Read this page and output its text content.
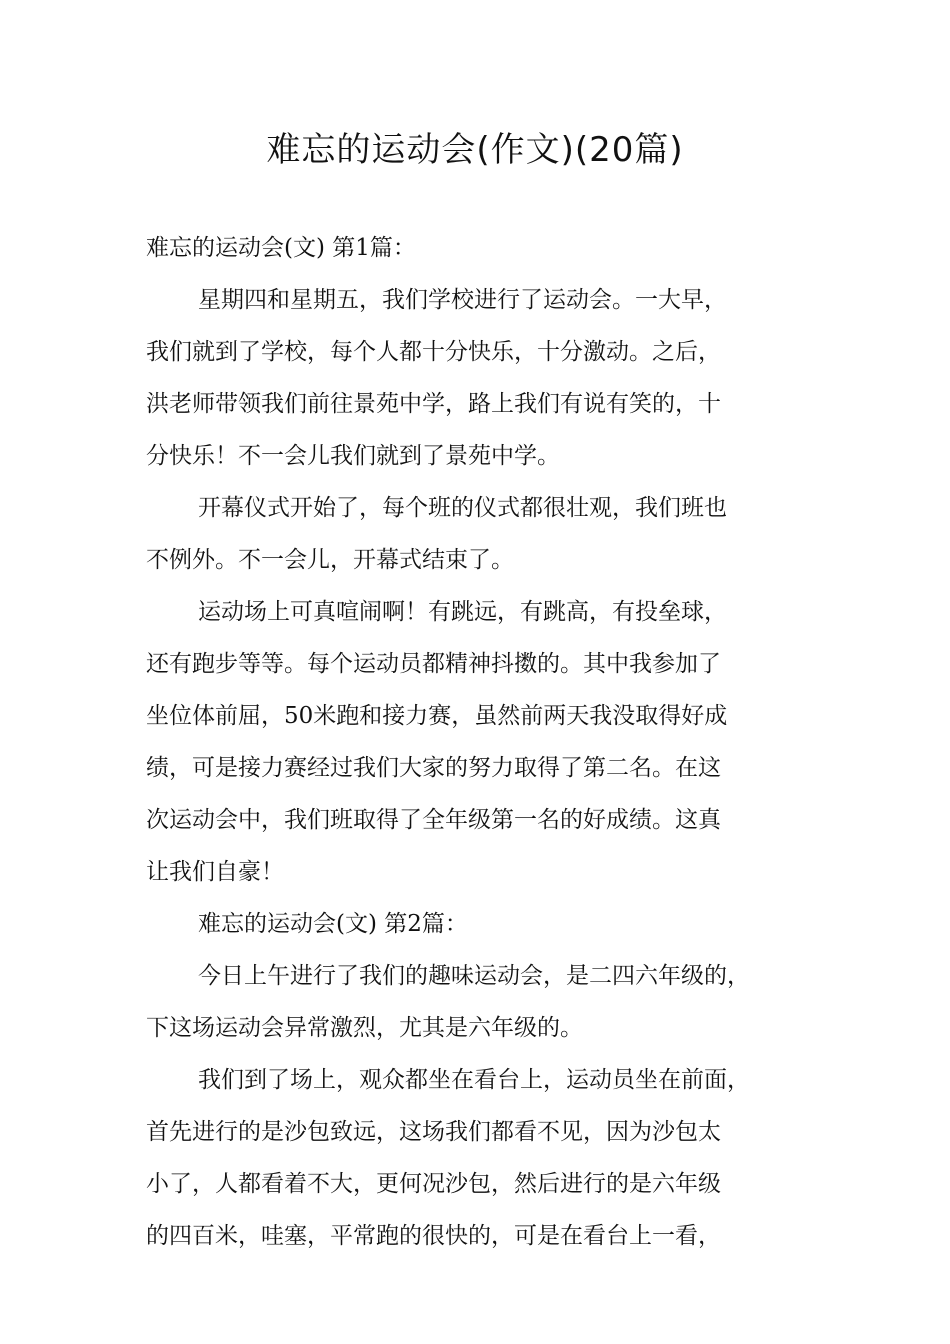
难忘的运动会(作文)(20篇)
难忘的运动会(文) 第1篇：
星期四和星期五，我们学校进行了运动会。一大早，
我们就到了学校，每个人都十分快乐，十分激动。之后，
洪老师带领我们前往景苑中学，路上我们有说有笑的，十
分快乐！不一会儿我们就到了景苑中学。
开幕仪式开始了，每个班的仪式都很壮观，我们班也
不例外。不一会儿，开幕式结束了。
运动场上可真喧闹啊！有跳远，有跳高，有投垒球，
还有跑步等等。每个运动员都精神抖擞的。其中我参加了
坐位体前屈，50米跑和接力赛，虽然前两天我没取得好成
绩，可是接力赛经过我们大家的努力取得了第二名。在这
次运动会中，我们班取得了全年级第一名的好成绩。这真
让我们自豪！
难忘的运动会(文) 第2篇：
今日上午进行了我们的趣味运动会，是二四六年级的，
下这场运动会异常激烈，尤其是六年级的。
我们到了场上，观众都坐在看台上，运动员坐在前面，
首先进行的是沙包致远，这场我们都看不见，因为沙包太
小了，人都看着不大，更何况沙包，然后进行的是六年级
的四百米，哇塞，平常跑的很快的，可是在看台上一看，
